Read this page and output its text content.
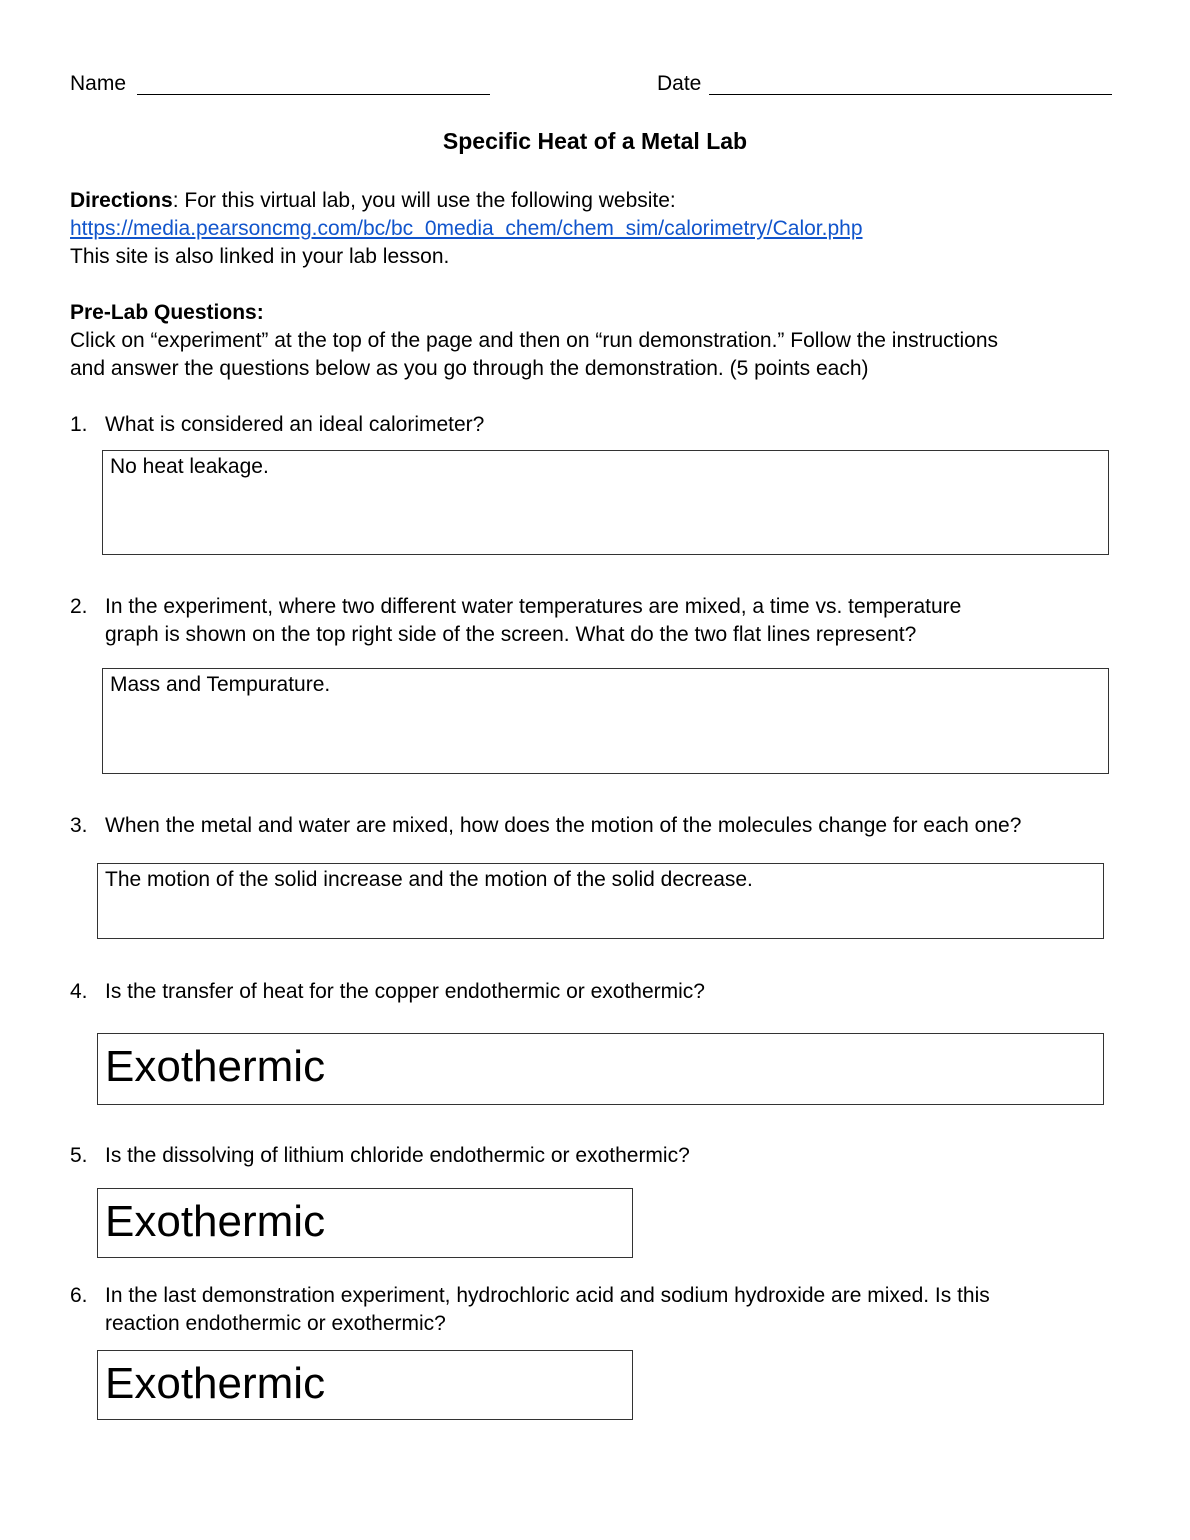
Name	Date
Specific Heat of a Metal Lab
Directions: For this virtual lab, you will use the following website:
https://media.pearsoncmg.com/bc/bc_0media_chem/chem_sim/calorimetry/Calor.php
This site is also linked in your lab lesson.
Pre-Lab Questions:
Click on “experiment” at the top of the page and then on “run demonstration.” Follow the instructions
and answer the questions below as you go through the demonstration. (5 points each)
1. What is considered an ideal calorimeter?
No heat leakage.
2. In the experiment, where two different water temperatures are mixed, a time vs. temperature
graph is shown on the top right side of the screen. What do the two flat lines represent?
Mass and Tempurature.
3. When the metal and water are mixed, how does the motion of the molecules change for each one?
The motion of the solid increase and the motion of the solid decrease.
4. Is the transfer of heat for the copper endothermic or exothermic?
Exothermic
5. Is the dissolving of lithium chloride endothermic or exothermic?
Exothermic
6. In the last demonstration experiment, hydrochloric acid and sodium hydroxide are mixed. Is this
reaction endothermic or exothermic?
Exothermic
